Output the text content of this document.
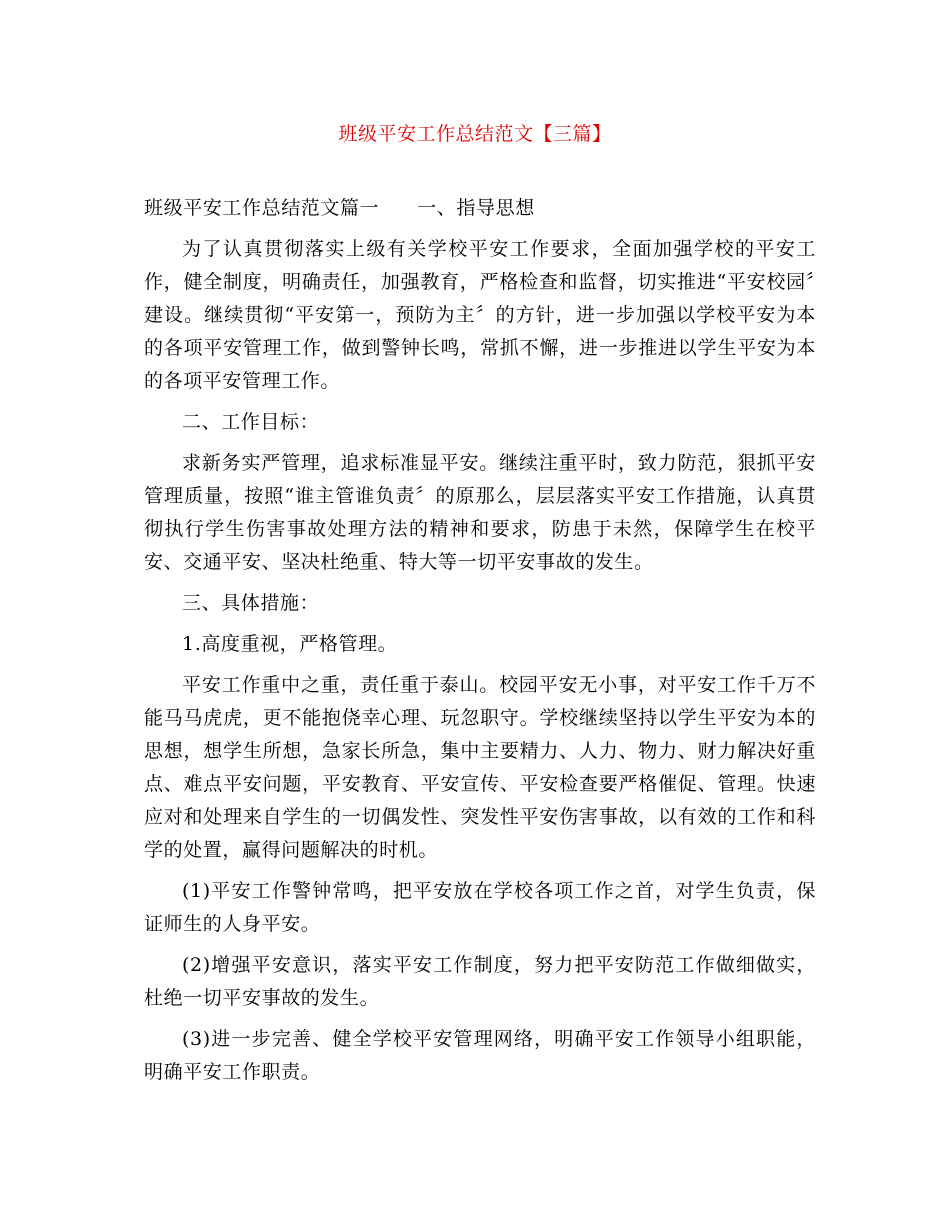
班级平安工作总结范文【三篇】

班级平安工作总结范文篇一 一、指导思想

为了认真贯彻落实上级有关学校平安工作要求，全面加强学校的平安工作，健全制度，明确责任，加强教育，严格检查和监督，切实推进“平安校园〞建设。继续贯彻“平安第一，预防为主〞的方针，进一步加强以学校平安为本的各项平安管理工作，做到警钟长鸣，常抓不懈，进一步推进以学生平安为本的各项平安管理工作。

二、工作目标：

求新务实严管理，追求标准显平安。继续注重平时，致力防范，狠抓平安管理质量，按照“谁主管谁负责〞的原那么，层层落实平安工作措施，认真贯彻执行学生伤害事故处理方法的精神和要求，防患于未然，保障学生在校平安、交通平安、坚决杜绝重、特大等一切平安事故的发生。

三、具体措施：

1.高度重视，严格管理。

平安工作重中之重，责任重于泰山。校园平安无小事，对平安工作千万不能马马虎虎，更不能抱侥幸心理、玩忽职守。学校继续坚持以学生平安为本的思想，想学生所想，急家长所急，集中主要精力、人力、物力、财力解决好重点、难点平安问题，平安教育、平安宣传、平安检查要严格催促、管理。快速应对和处理来自学生的一切偶发性、突发性平安伤害事故，以有效的工作和科学的处置，赢得问题解决的时机。

(1)平安工作警钟常鸣，把平安放在学校各项工作之首，对学生负责，保证师生的人身平安。

(2)增强平安意识，落实平安工作制度，努力把平安防范工作做细做实，杜绝一切平安事故的发生。

(3)进一步完善、健全学校平安管理网络，明确平安工作领导小组职能，明确平安工作职责。
